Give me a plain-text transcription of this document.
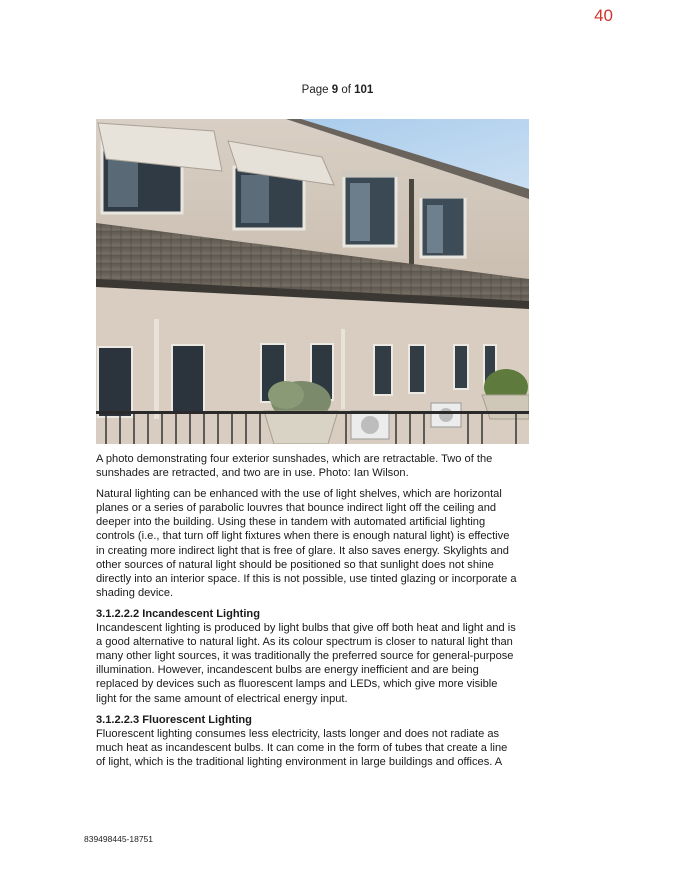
40
Page 9 of 101

A photo demonstrating four exterior sunshades, which are retractable. Two of the sunshades are retracted, and two are in use. Photo: Ian Wilson.

Natural lighting can be enhanced with the use of light shelves, which are horizontal planes or a series of parabolic louvres that bounce indirect light off the ceiling and deeper into the building. Using these in tandem with automated artificial lighting controls (i.e., that turn off light fixtures when there is enough natural light) is effective in creating more indirect light that is free of glare. It also saves energy. Skylights and other sources of natural light should be positioned so that sunlight does not shine directly into an interior space. If this is not possible, use tinted glazing or incorporate a shading device.

3.1.2.2.2 Incandescent Lighting

Incandescent lighting is produced by light bulbs that give off both heat and light and is a good alternative to natural light. As its colour spectrum is closer to natural light than many other light sources, it was traditionally the preferred source for general-purpose illumination. However, incandescent bulbs are energy inefficient and are being replaced by devices such as fluorescent lamps and LEDs, which give more visible light for the same amount of electrical energy input.

3.1.2.2.3 Fluorescent Lighting

Fluorescent lighting consumes less electricity, lasts longer and does not radiate as much heat as incandescent bulbs. It can come in the form of tubes that create a line of light, which is the traditional lighting environment in large buildings and offices. A

839498445-18751
